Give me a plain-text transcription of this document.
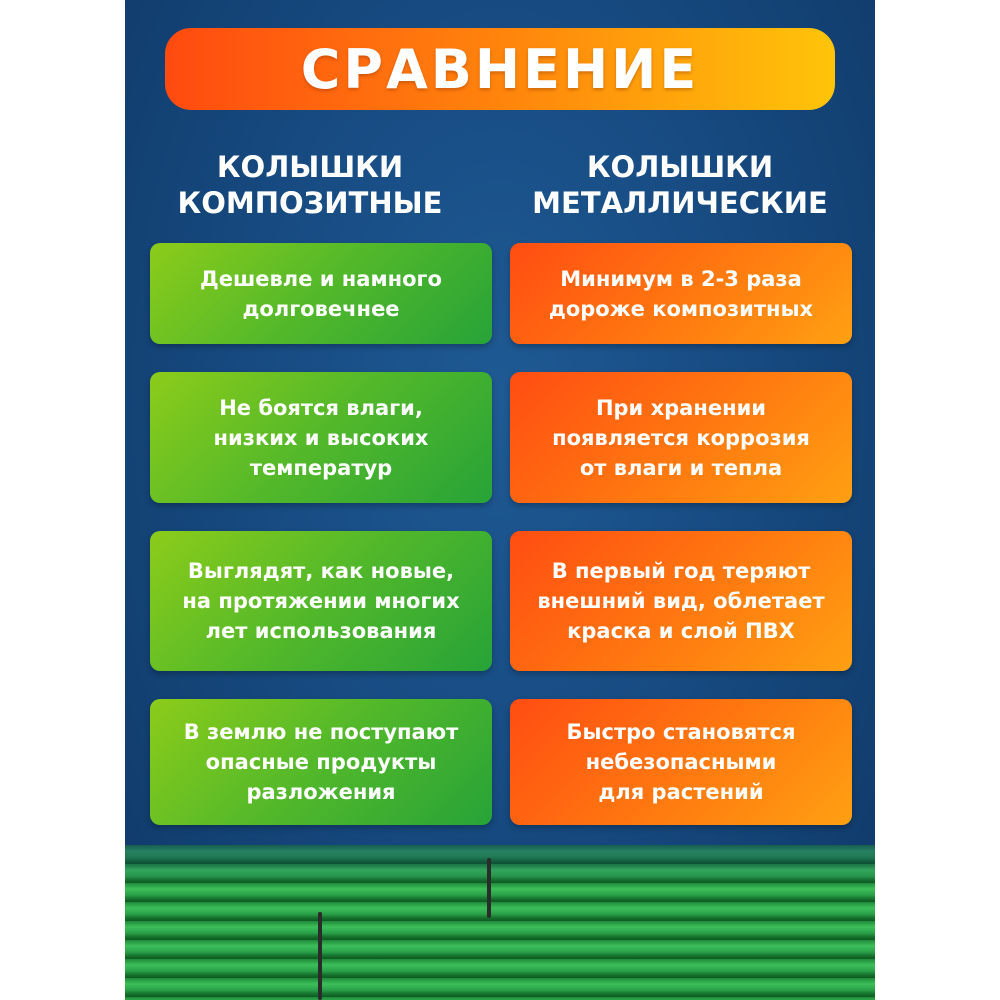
СРАВНЕНИЕ
КОЛЫШКИ
КОМПОЗИТНЫЕ
КОЛЫШКИ
МЕТАЛЛИЧЕСКИЕ
Дешевле и намного
долговечнее
Не боятся влаги,
низких и высоких
температур
Выглядят, как новые,
на протяжении многих
лет использования
В землю не поступают
опасные продукты
разложения
Минимум в 2-3 раза
дороже композитных
При хранении
появляется коррозия
от влаги и тепла
В первый год теряют
внешний вид, облетает
краска и слой ПВХ
Быстро становятся
небезопасными
для растений
